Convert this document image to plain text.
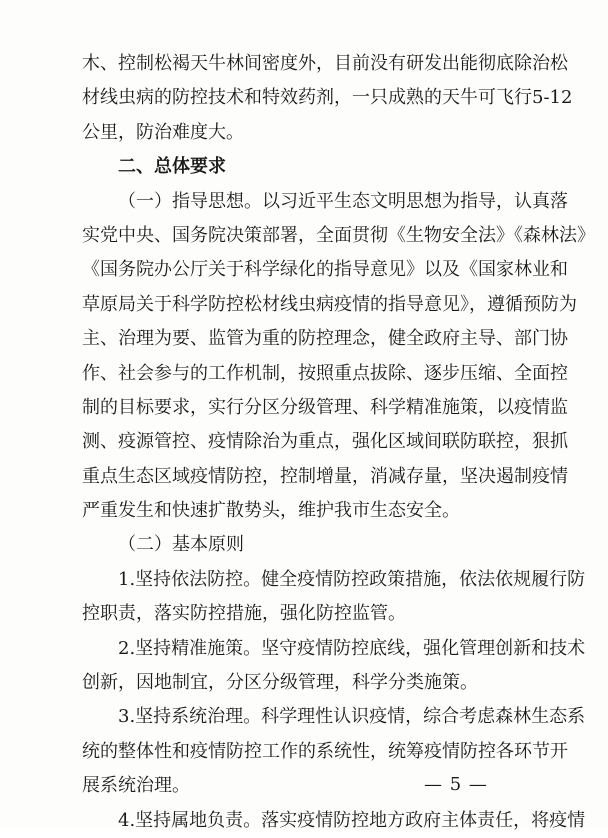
木、控制松褐天牛林间密度外，目前没有研发出能彻底除治松
材线虫病的防控技术和特效药剂，一只成熟的天牛可飞行5-12
公里，防治难度大。
二、总体要求
（一）指导思想。以习近平生态文明思想为指导，认真落
实党中央、国务院决策部署，全面贯彻《生物安全法》《森林法》
《国务院办公厅关于科学绿化的指导意见》以及《国家林业和
草原局关于科学防控松材线虫病疫情的指导意见》，遵循预防为
主、治理为要、监管为重的防控理念，健全政府主导、部门协
作、社会参与的工作机制，按照重点拔除、逐步压缩、全面控
制的目标要求，实行分区分级管理、科学精准施策，以疫情监
测、疫源管控、疫情除治为重点，强化区域间联防联控，狠抓
重点生态区域疫情防控，控制增量，消减存量，坚决遏制疫情
严重发生和快速扩散势头，维护我市生态安全。
（二）基本原则
1.坚持依法防控。健全疫情防控政策措施，依法依规履行防
控职责，落实防控措施，强化防控监管。
2.坚持精准施策。坚守疫情防控底线，强化管理创新和技术
创新，因地制宜，分区分级管理，科学分类施策。
3.坚持系统治理。科学理性认识疫情，综合考虑森林生态系
统的整体性和疫情防控工作的系统性，统筹疫情防控各环节开
展系统治理。
4.坚持属地负责。落实疫情防控地方政府主体责任，将疫情
— 5 —
